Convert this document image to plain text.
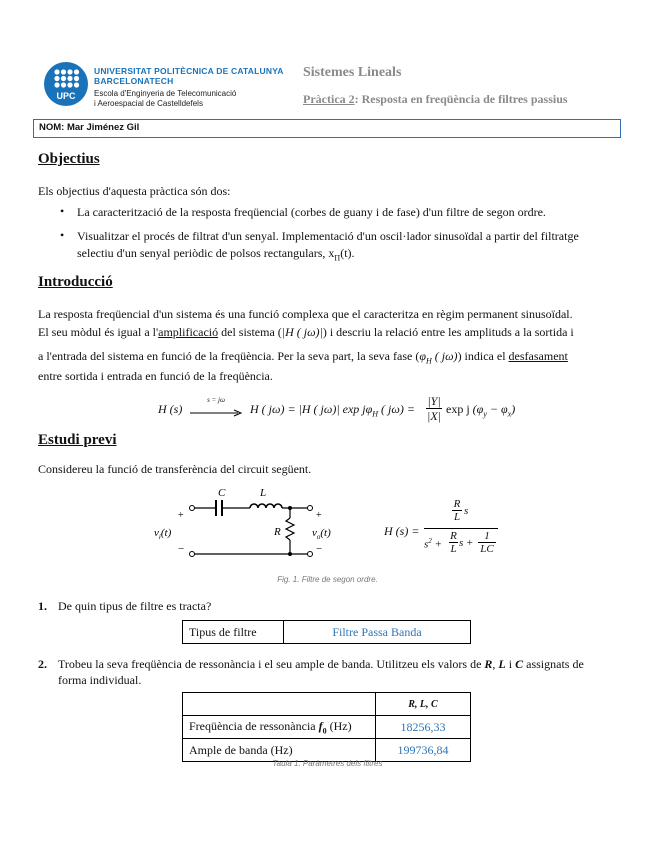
UPC
UNIVERSITAT POLITÈCNICA DE CATALUNYA
BARCELONATECH
Escola d'Enginyeria de Telecomunicació
i Aeroespacial de Castelldefels
Sistemes Lineals
Pràctica 2: Resposta en freqüència de filtres passius
NOM: Mar Jiménez Gil
Objectius
Els objectius d'aquesta pràctica són dos:
• La caracterització de la resposta freqüencial (corbes de guany i de fase) d'un filtre de segon ordre.
• Visualitzar el procés de filtrat d'un senyal. Implementació d'un oscil·lador sinusoïdal a partir del filtratge
selectiu d'un senyal periòdic de polsos rectangulars, $x_\Pi(t)$.
Introducció
La resposta freqüencial d'un sistema és una funció complexa que el caracteritza en règim permanent sinusoïdal.
El seu mòdul és igual a l'amplificació del sistema (|H ( jω)|) i descriu la relació entre les amplituds a la sortida i
a l'entrada del sistema en funció de la freqüència. Per la seva part, la seva fase ($\varphi_H$ ( jω)) indica el desfasament
entre sortida i entrada en funció de la freqüència.
H (s)
s = jω
H ( jω) = |H ( jω)| $\exp j\varphi_H$ ( $j\omega) = \frac{|Y|}{|X|}$ exp j $(\varphi_y - \varphi_x)$
Estudi previ
Considereu la funció de transferència del circuit següent.
C	L
R
+
−
+
−
$v_i(t)$	$v_o(t)$	H (s) =
R
L s
$s^2$ +
R
L s +
1
LC
Fig. 1. Filtre de segon ordre.
1. De quin tipus de filtre es tracta?
Tipus de filtre	Filtre Passa Banda
2. Trobeu la seva freqüència de ressonància i el seu ample de banda. Utilitzeu els valors de R, L i C assignats de
forma individual.
	R, L, C
Freqüència de ressonància $f_0$ (Hz)	18256,33
Ample de banda (Hz)	199736,84
Taula 1. Paràmetres dels filtres
